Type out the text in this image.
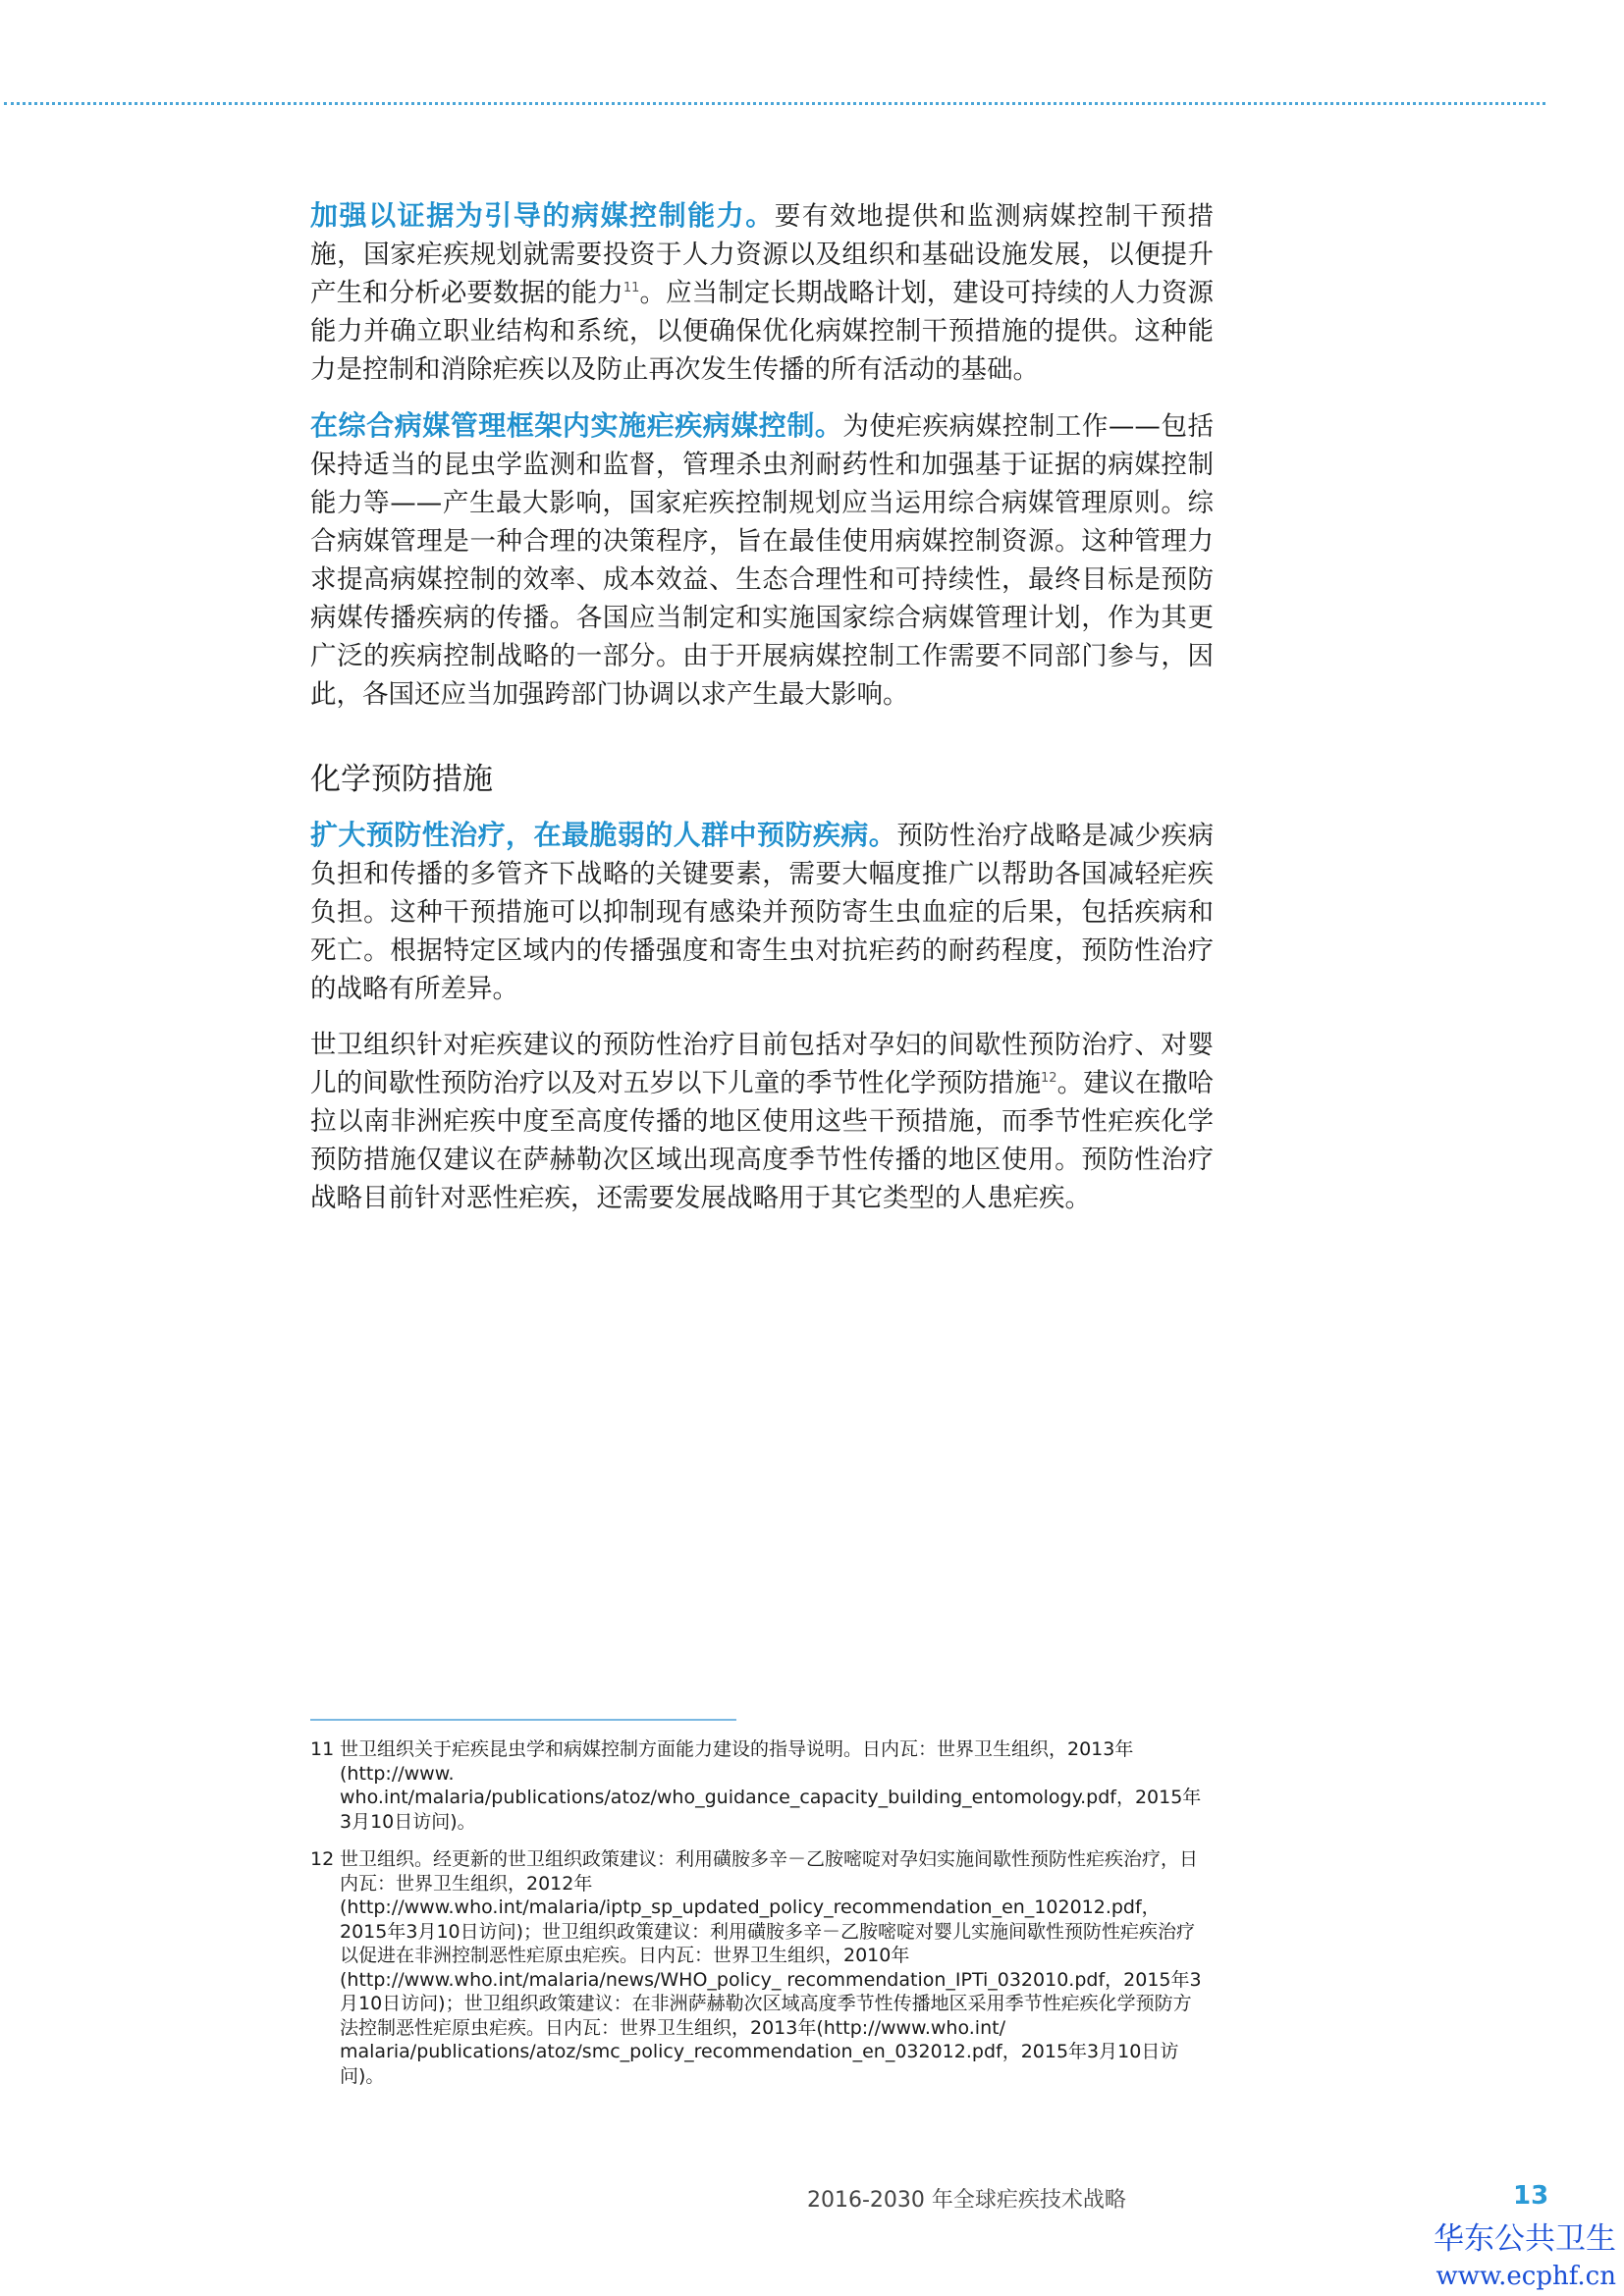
加强以证据为引导的病媒控制能力。要有效地提供和监测病媒控制干预措施，国家疟疾规划就需要投资于人力资源以及组织和基础设施发展，以便提升产生和分析必要数据的能力$^{11}$。应当制定长期战略计划，建设可持续的人力资源能力并确立职业结构和系统，以便确保优化病媒控制干预措施的提供。这种能力是控制和消除疟疾以及防止再次发生传播的所有活动的基础。

在综合病媒管理框架内实施疟疾病媒控制。为使疟疾病媒控制工作——包括保持适当的昆虫学监测和监督，管理杀虫剂耐药性和加强基于证据的病媒控制能力等——产生最大影响，国家疟疾控制规划应当运用综合病媒管理原则。综合病媒管理是一种合理的决策程序，旨在最佳使用病媒控制资源。这种管理力求提高病媒控制的效率、成本效益、生态合理性和可持续性，最终目标是预防病媒传播疾病的传播。各国应当制定和实施国家综合病媒管理计划，作为其更广泛的疾病控制战略的一部分。由于开展病媒控制工作需要不同部门参与，因此，各国还应当加强跨部门协调以求产生最大影响。

化学预防措施

扩大预防性治疗，在最脆弱的人群中预防疾病。预防性治疗战略是减少疾病负担和传播的多管齐下战略的关键要素，需要大幅度推广以帮助各国减轻疟疾负担。这种干预措施可以抑制现有感染并预防寄生虫血症的后果，包括疾病和死亡。根据特定区域内的传播强度和寄生虫对抗疟药的耐药程度，预防性治疗的战略有所差异。

世卫组织针对疟疾建议的预防性治疗目前包括对孕妇的间歇性预防治疗、对婴儿的间歇性预防治疗以及对五岁以下儿童的季节性化学预防措施$^{12}$。建议在撒哈拉以南非洲疟疾中度至高度传播的地区使用这些干预措施，而季节性疟疾化学预防措施仅建议在萨赫勒次区域出现高度季节性传播的地区使用。预防性治疗战略目前针对恶性疟疾，还需要发展战略用于其它类型的人患疟疾。

11 世卫组织关于疟疾昆虫学和病媒控制方面能力建设的指导说明。日内瓦：世界卫生组织，2013年(http://www. who.int/malaria/publications/atoz/who_guidance_capacity_building_entomology.pdf，2015年3月10日访问)。
12 世卫组织。经更新的世卫组织政策建议：利用磺胺多辛－乙胺嘧啶对孕妇实施间歇性预防性疟疾治疗，日内瓦：世界卫生组织，2012年(http://www.who.int/malaria/iptp_sp_updated_policy_recommendation_en_102012.pdf，2015年3月10日访问)；世卫组织政策建议：利用磺胺多辛－乙胺嘧啶对婴儿实施间歇性预防性疟疾治疗以促进在非洲控制恶性疟原虫疟疾。日内瓦：世界卫生组织，2010年(http://www.who.int/malaria/news/WHO_policy_ recommendation_IPTi_032010.pdf，2015年3月10日访问)；世卫组织政策建议：在非洲萨赫勒次区域高度季节性传播地区采用季节性疟疾化学预防方法控制恶性疟原虫疟疾。日内瓦：世界卫生组织，2013年(http://www.who.int/ malaria/publications/atoz/smc_policy_recommendation_en_032012.pdf，2015年3月10日访问)。
2016-2030 年全球疟疾技术战略	13
华东公共卫生
www.ecphf.cn
